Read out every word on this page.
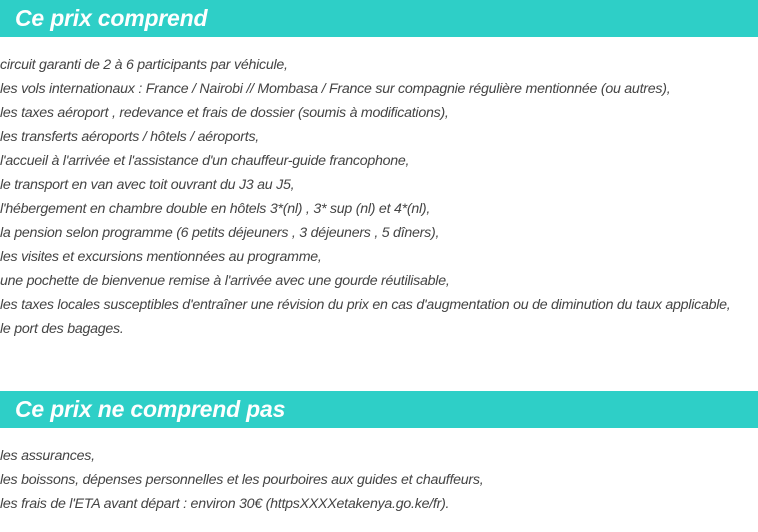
Ce prix comprend
circuit garanti de 2 à 6 participants par véhicule,
les vols internationaux : France / Nairobi // Mombasa / France sur compagnie régulière mentionnée (ou autres),
les taxes aéroport , redevance et frais de dossier (soumis à modifications),
les transferts aéroports / hôtels / aéroports,
l'accueil à l'arrivée et l'assistance d'un chauffeur-guide francophone,
le transport en van avec toit ouvrant du J3 au J5,
l'hébergement en chambre double en hôtels 3*(nl) , 3* sup (nl) et 4*(nl),
la pension selon programme (6 petits déjeuners , 3 déjeuners , 5 dîners),
les visites et excursions mentionnées au programme,
une pochette de bienvenue remise à l'arrivée avec une gourde réutilisable,
les taxes locales susceptibles d'entraîner une révision du prix en cas d'augmentation ou de diminution du taux applicable,
le port des bagages.
Ce prix ne comprend pas
les assurances,
les boissons, dépenses personnelles et les pourboires aux guides et chauffeurs,
les frais de l'ETA avant départ : environ 30€ (httpsXXXXetakenya.go.ke/fr).
